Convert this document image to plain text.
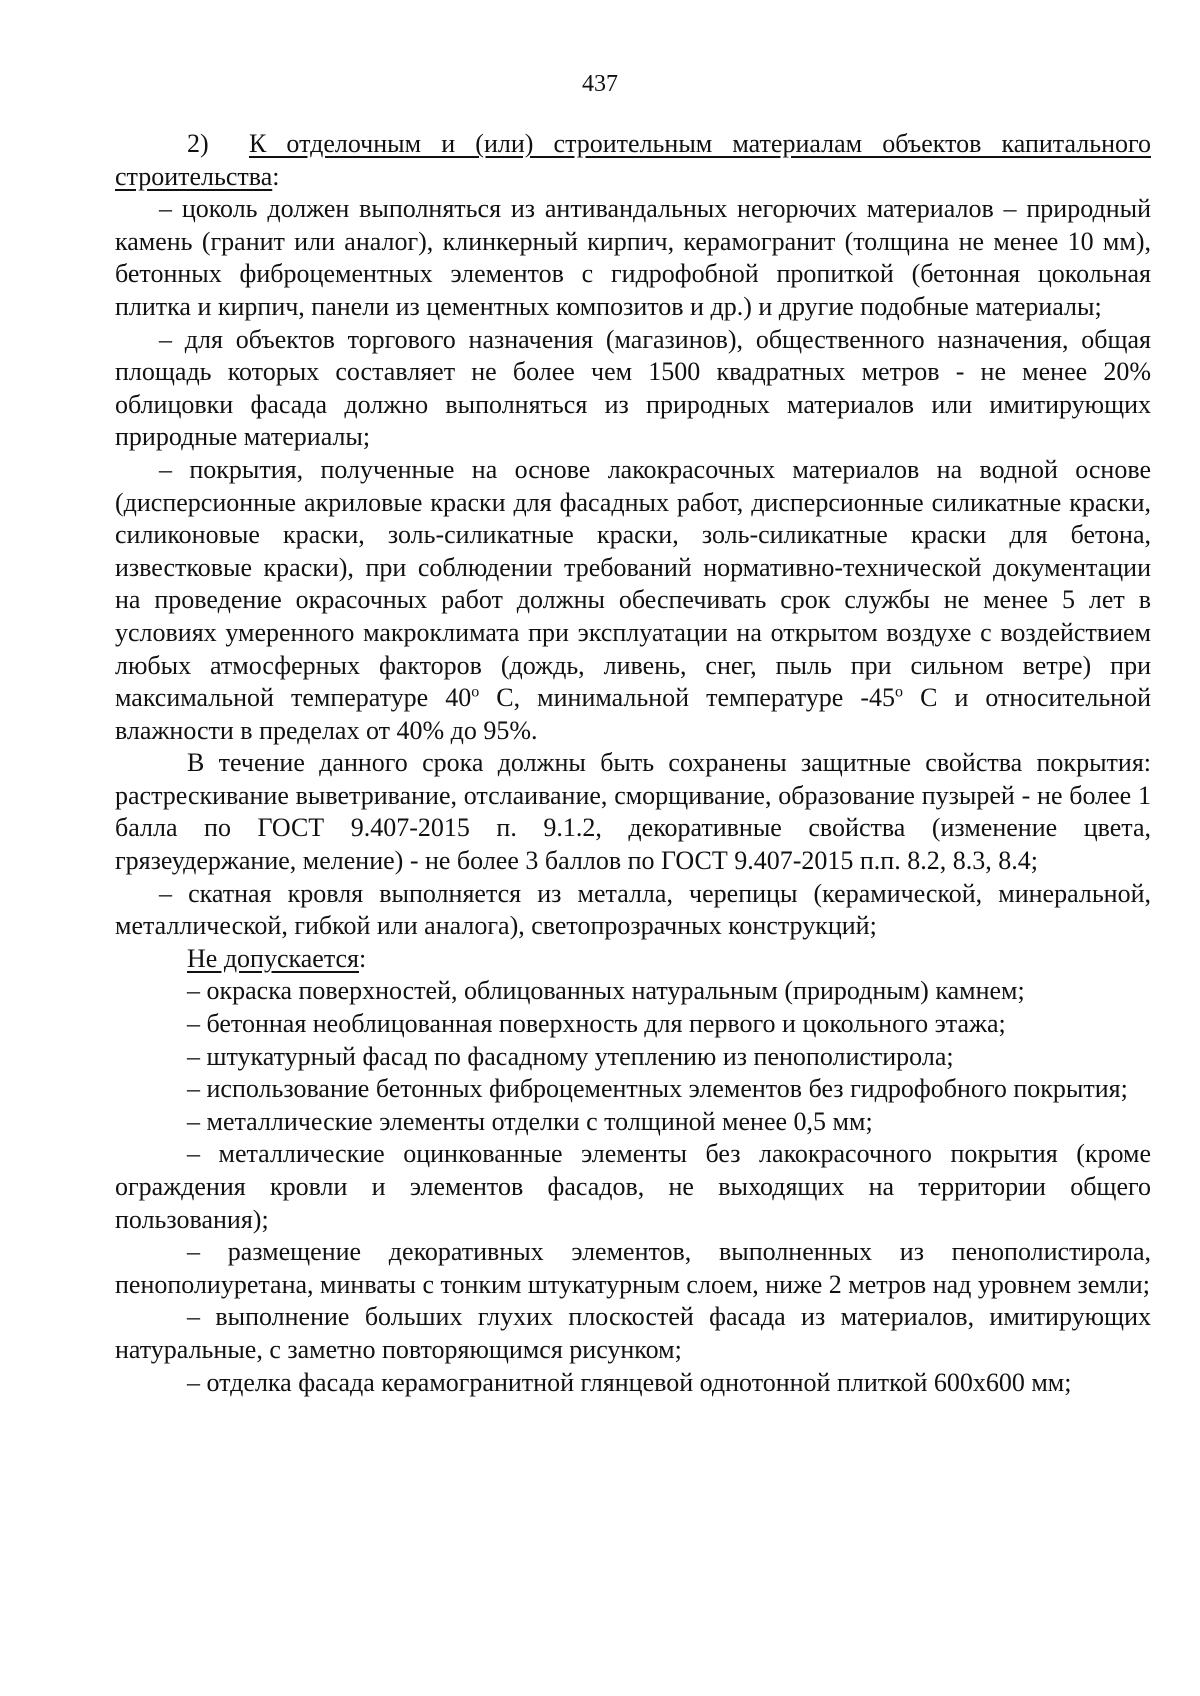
437

2) К отделочным и (или) строительным материалам объектов капитального строительства:

– цоколь должен выполняться из антивандальных негорючих материалов – природный камень (гранит или аналог), клинкерный кирпич, керамогранит (толщина не менее 10 мм), бетонных фиброцементных элементов с гидрофобной пропиткой (бетонная цокольная плитка и кирпич, панели из цементных композитов и др.) и другие подобные материалы;

– для объектов торгового назначения (магазинов), общественного назначения, общая площадь которых составляет не более чем 1500 квадратных метров - не менее 20% облицовки фасада должно выполняться из природных материалов или имитирующих природные материалы;

– покрытия, полученные на основе лакокрасочных материалов на водной основе (дисперсионные акриловые краски для фасадных работ, дисперсионные силикатные краски, силиконовые краски, золь-силикатные краски, золь-силикатные краски для бетона, известковые краски), при соблюдении требований нормативно-технической документации на проведение окрасочных работ должны обеспечивать срок службы не менее 5 лет в условиях умеренного макроклимата при эксплуатации на открытом воздухе с воздействием любых атмосферных факторов (дождь, ливень, снег, пыль при сильном ветре) при максимальной температуре 40$^o$ С, минимальной температуре -45$^o$ С и относительной влажности в пределах от 40% до 95%.

В течение данного срока должны быть сохранены защитные свойства покрытия: растрескивание выветривание, отслаивание, сморщивание, образование пузырей - не более 1 балла по ГОСТ 9.407-2015 п. 9.1.2, декоративные свойства (изменение цвета, грязеудержание, меление) - не более 3 баллов по ГОСТ 9.407-2015 п.п. 8.2, 8.3, 8.4;

– скатная кровля выполняется из металла, черепицы (керамической, минеральной, металлической, гибкой или аналога), светопрозрачных конструкций;

Не допускается:

– окраска поверхностей, облицованных натуральным (природным) камнем;

– бетонная необлицованная поверхность для первого и цокольного этажа;

– штукатурный фасад по фасадному утеплению из пенополистирола;

– использование бетонных фиброцементных элементов без гидрофобного покрытия;

– металлические элементы отделки с толщиной менее 0,5 мм;

– металлические оцинкованные элементы без лакокрасочного покрытия (кроме ограждения кровли и элементов фасадов, не выходящих на территории общего пользования);

– размещение декоративных элементов, выполненных из пенополистирола, пенополиуретана, минваты с тонким штукатурным слоем, ниже 2 метров над уровнем земли;

– выполнение больших глухих плоскостей фасада из материалов, имитирующих натуральные, с заметно повторяющимся рисунком;

– отделка фасада керамогранитной глянцевой однотонной плиткой 600х600 мм;
